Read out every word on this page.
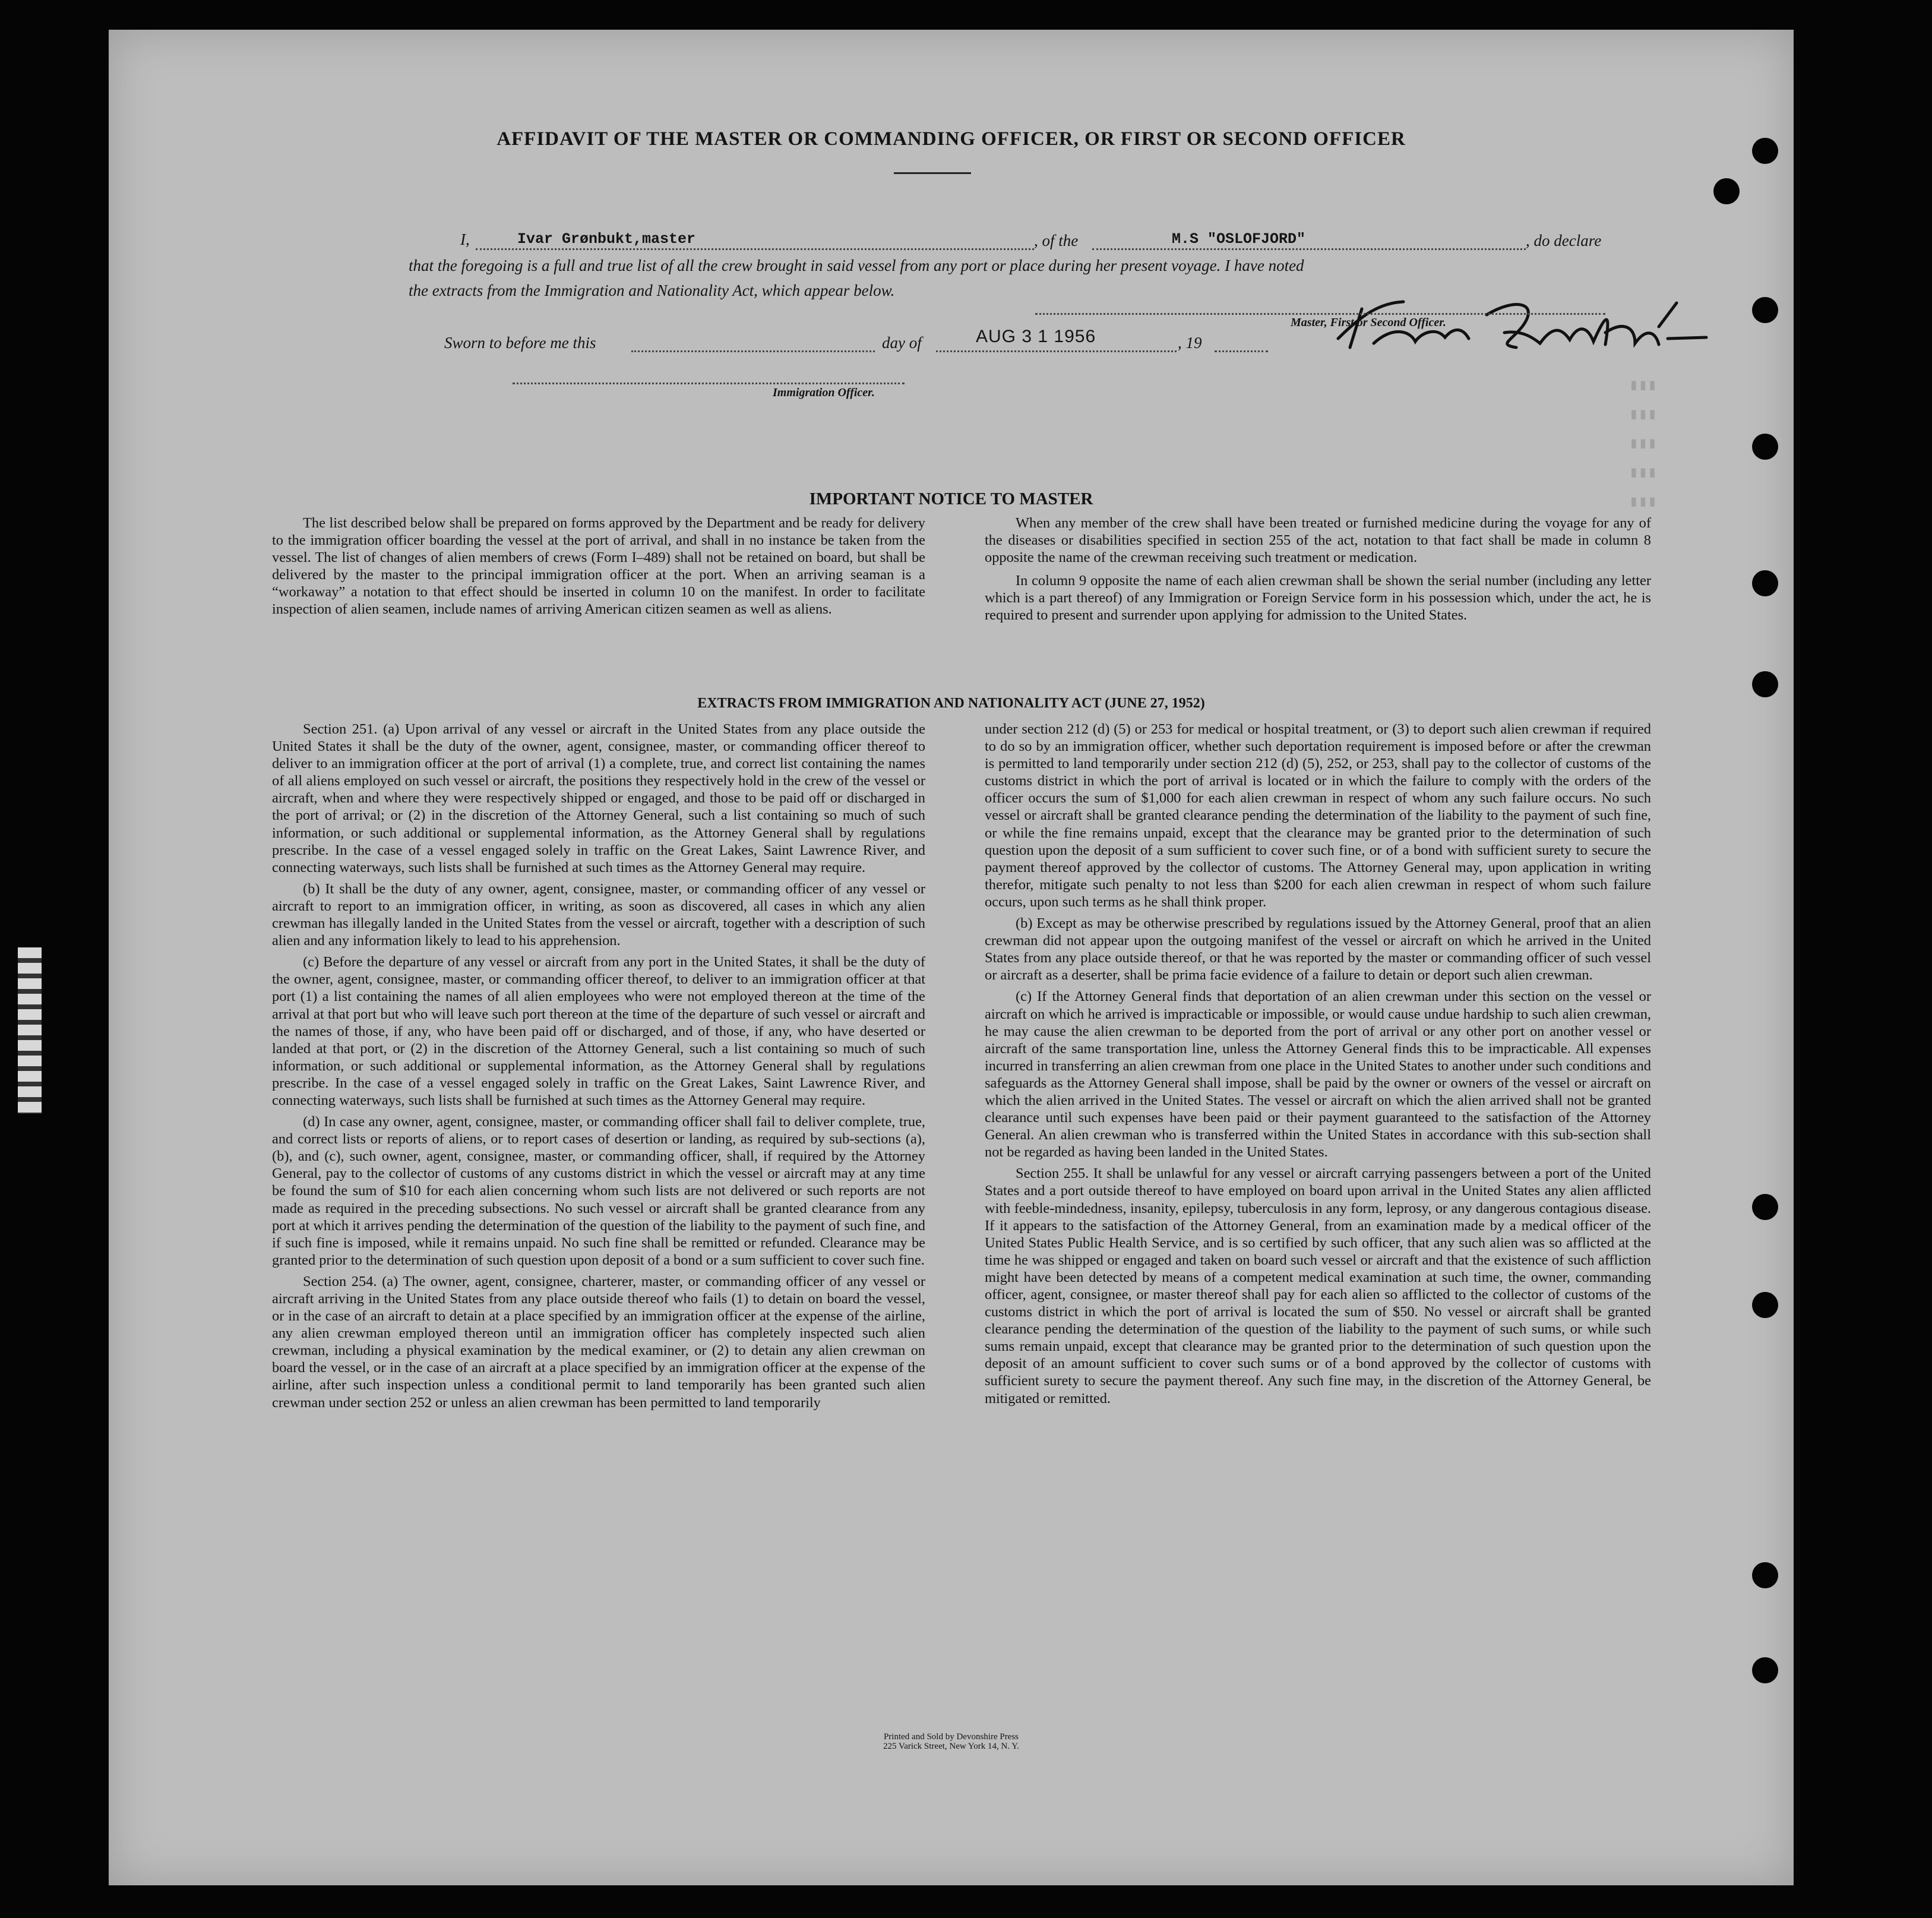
▮▮▮
▮▮▮
▮▮▮
▮▮▮
▮▮▮
AFFIDAVIT OF THE MASTER OR COMMANDING OFFICER, OR FIRST OR SECOND OFFICER
I,	Ivar Grønbukt,master	, of the	M.S "OSLOFJORD"	, do declare
that the foregoing is a full and true list of all the crew brought in said vessel from any port or place during her present voyage. I have noted
the extracts from the Immigration and Nationality Act, which appear below.
Master, First or Second Officer.
Sworn to before me this	day of	AUG 3 1 1956	, 19
Immigration Officer.
IMPORTANT NOTICE TO MASTER

The list described below shall be prepared on forms approved by the Department and be ready for delivery to the immigration officer boarding the vessel at the port of arrival, and shall in no instance be taken from the vessel. The list of changes of alien members of crews (Form I–489) shall not be retained on board, but shall be delivered by the master to the principal immigration officer at the port. When an arriving seaman is a “workaway” a notation to that effect should be inserted in column 10 on the manifest. In order to facilitate inspection of alien seamen, include names of arriving American citizen seamen as well as aliens.

When any member of the crew shall have been treated or furnished medicine during the voyage for any of the diseases or disabilities specified in section 255 of the act, notation to that fact shall be made in column 8 opposite the name of the crewman receiving such treatment or medication.

In column 9 opposite the name of each alien crewman shall be shown the serial number (including any letter which is a part thereof) of any Immigration or Foreign Service form in his possession which, under the act, he is required to present and surrender upon applying for admission to the United States.

EXTRACTS FROM IMMIGRATION AND NATIONALITY ACT (JUNE 27, 1952)

Section 251. (a) Upon arrival of any vessel or aircraft in the United States from any place outside the United States it shall be the duty of the owner, agent, consignee, master, or commanding officer thereof to deliver to an immigration officer at the port of arrival (1) a complete, true, and correct list containing the names of all aliens employed on such vessel or aircraft, the positions they respectively hold in the crew of the vessel or aircraft, when and where they were respectively shipped or engaged, and those to be paid off or discharged in the port of arrival; or (2) in the discretion of the Attorney General, such a list containing so much of such information, or such additional or supplemental information, as the Attorney General shall by regulations prescribe. In the case of a vessel engaged solely in traffic on the Great Lakes, Saint Lawrence River, and connecting waterways, such lists shall be furnished at such times as the Attorney General may require.

(b) It shall be the duty of any owner, agent, consignee, master, or commanding officer of any vessel or aircraft to report to an immigration officer, in writing, as soon as discovered, all cases in which any alien crewman has illegally landed in the United States from the vessel or aircraft, together with a description of such alien and any information likely to lead to his apprehension.

(c) Before the departure of any vessel or aircraft from any port in the United States, it shall be the duty of the owner, agent, consignee, master, or commanding officer thereof, to deliver to an immigration officer at that port (1) a list containing the names of all alien employees who were not employed thereon at the time of the arrival at that port but who will leave such port thereon at the time of the departure of such vessel or aircraft and the names of those, if any, who have been paid off or discharged, and of those, if any, who have deserted or landed at that port, or (2) in the discretion of the Attorney General, such a list containing so much of such information, or such additional or supplemental information, as the Attorney General shall by regulations prescribe. In the case of a vessel engaged solely in traffic on the Great Lakes, Saint Lawrence River, and connecting waterways, such lists shall be furnished at such times as the Attorney General may require.

(d) In case any owner, agent, consignee, master, or commanding officer shall fail to deliver complete, true, and correct lists or reports of aliens, or to report cases of desertion or landing, as required by sub-sections (a), (b), and (c), such owner, agent, consignee, master, or commanding officer, shall, if required by the Attorney General, pay to the collector of customs of any customs district in which the vessel or aircraft may at any time be found the sum of $10 for each alien concerning whom such lists are not delivered or such reports are not made as required in the preceding subsections. No such vessel or aircraft shall be granted clearance from any port at which it arrives pending the determination of the question of the liability to the payment of such fine, and if such fine is imposed, while it remains unpaid. No such fine shall be remitted or refunded. Clearance may be granted prior to the determination of such question upon deposit of a bond or a sum sufficient to cover such fine.

Section 254. (a) The owner, agent, consignee, charterer, master, or commanding officer of any vessel or aircraft arriving in the United States from any place outside thereof who fails (1) to detain on board the vessel, or in the case of an aircraft to detain at a place specified by an immigration officer at the expense of the airline, any alien crewman employed thereon until an immigration officer has completely inspected such alien crewman, including a physical examination by the medical examiner, or (2) to detain any alien crewman on board the vessel, or in the case of an aircraft at a place specified by an immigration officer at the expense of the airline, after such inspection unless a conditional permit to land temporarily has been granted such alien crewman under section 252 or unless an alien crewman has been permitted to land temporarily

under section 212 (d) (5) or 253 for medical or hospital treatment, or (3) to deport such alien crewman if required to do so by an immigration officer, whether such deportation requirement is imposed before or after the crewman is permitted to land temporarily under section 212 (d) (5), 252, or 253, shall pay to the collector of customs of the customs district in which the port of arrival is located or in which the failure to comply with the orders of the officer occurs the sum of $1,000 for each alien crewman in respect of whom any such failure occurs. No such vessel or aircraft shall be granted clearance pending the determination of the liability to the payment of such fine, or while the fine remains unpaid, except that the clearance may be granted prior to the determination of such question upon the deposit of a sum sufficient to cover such fine, or of a bond with sufficient surety to secure the payment thereof approved by the collector of customs. The Attorney General may, upon application in writing therefor, mitigate such penalty to not less than $200 for each alien crewman in respect of whom such failure occurs, upon such terms as he shall think proper.

(b) Except as may be otherwise prescribed by regulations issued by the Attorney General, proof that an alien crewman did not appear upon the outgoing manifest of the vessel or aircraft on which he arrived in the United States from any place outside thereof, or that he was reported by the master or commanding officer of such vessel or aircraft as a deserter, shall be prima facie evidence of a failure to detain or deport such alien crewman.

(c) If the Attorney General finds that deportation of an alien crewman under this section on the vessel or aircraft on which he arrived is impracticable or impossible, or would cause undue hardship to such alien crewman, he may cause the alien crewman to be deported from the port of arrival or any other port on another vessel or aircraft of the same transportation line, unless the Attorney General finds this to be impracticable. All expenses incurred in transferring an alien crewman from one place in the United States to another under such conditions and safeguards as the Attorney General shall impose, shall be paid by the owner or owners of the vessel or aircraft on which the alien arrived in the United States. The vessel or aircraft on which the alien arrived shall not be granted clearance until such expenses have been paid or their payment guaranteed to the satisfaction of the Attorney General. An alien crewman who is transferred within the United States in accordance with this sub-section shall not be regarded as having been landed in the United States.

Section 255. It shall be unlawful for any vessel or aircraft carrying passengers between a port of the United States and a port outside thereof to have employed on board upon arrival in the United States any alien afflicted with feeble-mindedness, insanity, epilepsy, tuberculosis in any form, leprosy, or any dangerous contagious disease. If it appears to the satisfaction of the Attorney General, from an examination made by a medical officer of the United States Public Health Service, and is so certified by such officer, that any such alien was so afflicted at the time he was shipped or engaged and taken on board such vessel or aircraft and that the existence of such affliction might have been detected by means of a competent medical examination at such time, the owner, commanding officer, agent, consignee, or master thereof shall pay for each alien so afflicted to the collector of customs of the customs district in which the port of arrival is located the sum of $50. No vessel or aircraft shall be granted clearance pending the determination of the question of the liability to the payment of such sums, or while such sums remain unpaid, except that clearance may be granted prior to the determination of such question upon the deposit of an amount sufficient to cover such sums or of a bond approved by the collector of customs with sufficient surety to secure the payment thereof. Any such fine may, in the discretion of the Attorney General, be mitigated or remitted.

Printed and Sold by Devonshire Press
225 Varick Street, New York 14, N. Y.
